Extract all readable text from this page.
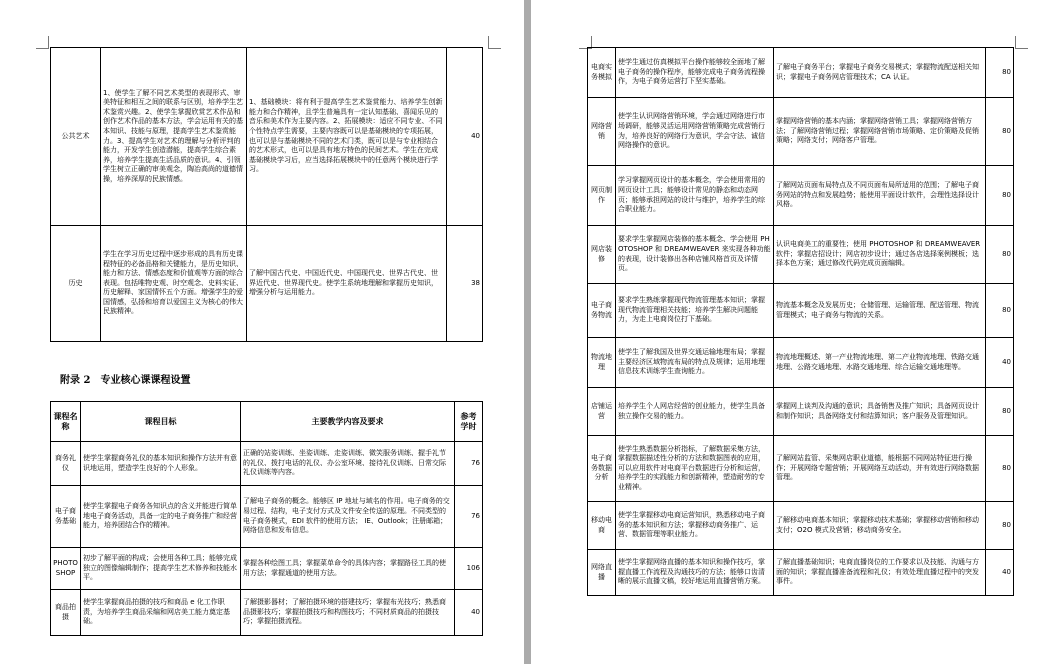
公共艺术	1、使学生了解不同艺术类型的表现形式、审美特征和相互之间的联系与区别，培养学生艺术鉴赏兴趣。2、使学生掌握欣赏艺术作品和创作艺术作品的基本方法，学会运用有关的基本知识、技能与原理，提高学生艺术鉴赏能力。3、提高学生对艺术的理解与分析评判的能力，开发学生创造潜能，提高学生综合素养，培养学生提高生活品质的意识。4、引领学生树立正确的审美观念，陶冶高尚的道德情操，培养深厚的民族情感。	1、基础模块：将有利于提高学生艺术鉴赏能力、培养学生创新能力和合作精神，且学生普遍具有一定认知基础、喜闻乐见的音乐和美术作为主要内容。2、拓展模块：适应不同专业、不同个性特点学生需要，主要内容既可以是基础模块的专项拓展，也可以是与基础模块不同的艺术门类，既可以是与专业相结合的艺术形式，也可以是具有地方特色的民间艺术。学生在完成基础模块学习后，应当选择拓展模块中的任意两个模块进行学习。	40
历史	学生在学习历史过程中逐步形成的具有历史课程特征的必备品格和关键能力，是历史知识、能力和方法、情感态度和价值观等方面的综合表现。包括唯物史观、时空观念、史料实证、历史解释、家国情怀五个方面。增强学生的爱国情感，弘扬和培育以爱国主义为核心的伟大民族精神。	了解中国古代史、中国近代史、中国现代史、世界古代史、世界近代史、世界现代史。使学生系统地理解和掌握历史知识，增强分析与运用能力。	38
附录 2　专业核心课课程设置
课程名称	课程目标	主要教学内容及要求	参考学时
商务礼仪	使学生掌握商务礼仪的基本知识和操作方法并有意识地运用，塑造学生良好的个人形象。	正确的站姿训练、坐姿训练、走姿训练、微笑服务训练、握手礼节的礼仪、拨打电话的礼仪、办公室环境、接待礼仪训练、日常交际礼仪训练等内容。	76
电子商务基础	使学生掌握电子商务各知识点的含义并能进行简单地电子商务活动，具备一定的电子商务推广和经营能力，培养团结合作的精神。	了解电子商务的概念。能够区 IP 地址与域名的作用。电子商务的交易过程、结构，电子支付方式及文件安全传送的原理。不同类型的电子商务模式，EDI 软件的使用方法； IE、Outlook；注册邮箱；网络信息和发布信息。	76
PHOTOSHOP	初步了解平面的构成；会使用各种工具；能够完成独立的图像编辑制作；提高学生艺术修养和技能水平。	掌握各种绘图工具；掌握菜单命令的具体内容；掌握路径工具的使用方法；掌握通道的使用方法。	106
商品拍摄	使学生掌握商品拍摄的技巧和商品 e 化工作职责，为培养学生商品采编和网店美工能力奠定基础。	了解摄影器材；了解拍摄环境的搭建技巧；掌握布光技巧；熟悉商品摄影技巧；掌握拍摄技巧和构图技巧；不同材质商品的拍摄技巧；掌握拍摄流程。	40
电商实务模拟	使学生通过仿真模拟平台操作能够较全面地了解电子商务的操作程序，能够完成电子商务流程操作，为电子商务运营打下坚实基础。	了解电子商务平台；掌握电子商务交易模式；掌握物流配送相关知识；掌握电子商务网店管理技术；CA 认证。	80
网络营销	使学生认识网络营销环境，学会通过网络进行市场调研，能够灵活运用网络营销策略完成营销行为，培养良好的网络行为意识，学会守法、诚信网络操作的意识。	掌握网络营销的基本内涵；掌握网络营销工具；掌握网络营销方法；了解网络营销过程；掌握网络营销市场策略、定价策略及促销策略；网络支付；网络客户管理。	80
网页制作	学习掌握网页设计的基本概念，学会使用常用的网页设计工具；能够设计常见的静态和动态网页；能够承担网站的设计与维护，培养学生的综合职业能力。	了解网站页面布局特点及不同页面布局所适用的范围；了解电子商务网站的特点和发展趋势；能使用平面设计软件，会理性选择设计风格。	80
网店装修	要求学生掌握网店装修的基本概念、学会使用 PHOTOSHOP 和 DREAMWEAVER 来实现各种功能的表现，设计装修出各种店铺风格首页及详情页。	认识电商美工的重要性；使用 PHOTOSHOP 和 DREAMWEAVER 软件；掌握店招设计；网店初步设计；通过各店选择案例模板；选择本色方案；通过修改代码完成页面编辑。	80
电子商务物流	要求学生熟练掌握现代物流管理基本知识；掌握现代物流管理相关技能；培养学生解决问题能力，为走上电商岗位打下基础。	物流基本概念及发展历史；仓储管理、运输管理、配送管理、物流管理模式；电子商务与物流的关系。	80
物流地理	使学生了解我国及世界交通运输地理布局；掌握主要经济区域物流布局的特点及规律；运用地理信息技术训练学生查询能力。	物流地理概述、第一产业物流地理、第二产业物流地理、铁路交通地理、公路交通地理、水路交通地理、综合运输交通地理等。	40
店铺运营	培养学生个人网店经营的创业能力，使学生具备独立操作交易的能力。	掌握网上谈判及沟通的意识；具备销售及推广知识；具备网页设计和制作知识；具备网络支付和结算知识；客户服务及管理知识。	80
电子商务数据分析	使学生熟悉数据分析指标，了解数据采集方法，掌握数据描述性分析的方法和数据图表的应用，可以应用软件对电商平台数据进行分析和运营，培养学生的实践能力和创新精神，塑造耐劳的专业精神。	了解网站监管、采集网店职业道德，能根据不同网站特征进行操作；开展网络专题营销；开展网络互动活动，并有效进行网络数据管理。	80
移动电商	使学生掌握移动电商运营知识，熟悉移动电子商务的基本知识和方法；掌握移动商务推广、运营、数据管理等职业能力。	了解移动电商基本知识；掌握移动技术基础；掌握移动营销和移动支付；O2O 模式及营销；移动商务安全。	80
网络直播	使学生掌握网络直播的基本知识和操作技巧，掌握直播工作流程及沟通技巧的方法；能够口齿清晰的展示直播文稿，较好地运用直播营销方案。	了解直播基础知识；电商直播岗位的工作要求以及技能、沟通与方面的知识；掌握直播准备流程和礼仪；有效处理直播过程中的突发事件。	40
